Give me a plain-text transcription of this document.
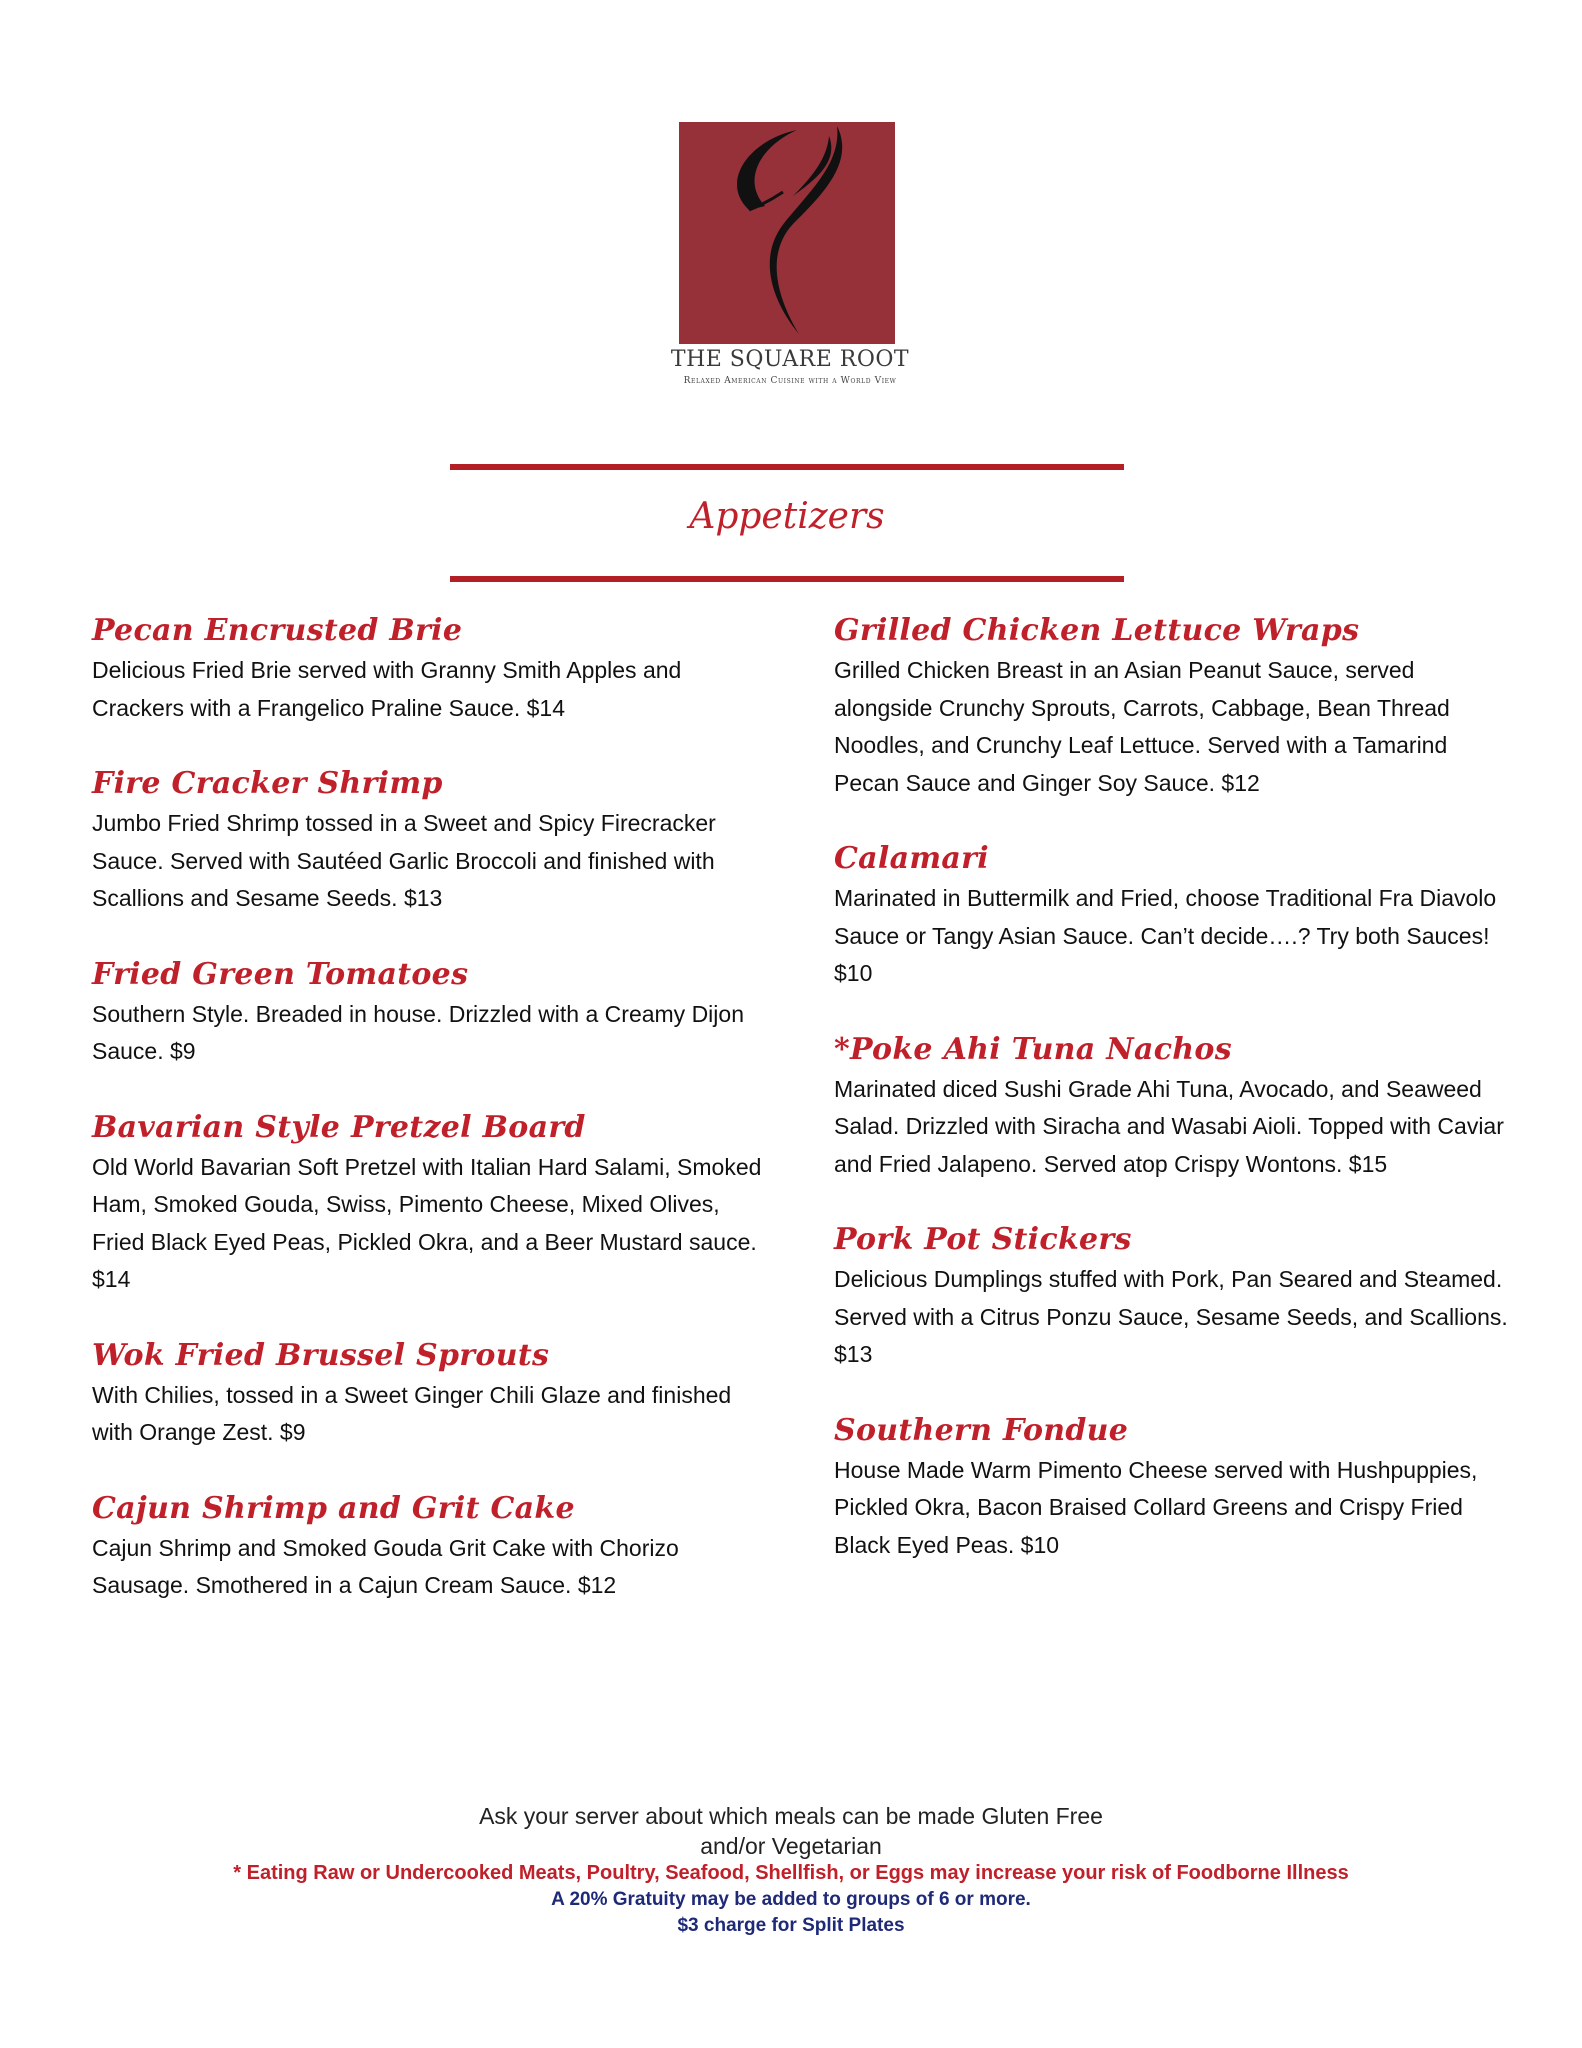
THE SQUARE ROOT
Relaxed American Cuisine with a World View
Appetizers
Pecan Encrusted Brie
Delicious Fried Brie served with Granny Smith Apples and Crackers with a Frangelico Praline Sauce. $14
Fire Cracker Shrimp
Jumbo Fried Shrimp tossed in a Sweet and Spicy Firecracker Sauce. Served with Sautéed Garlic Broccoli and finished with Scallions and Sesame Seeds. $13
Fried Green Tomatoes
Southern Style. Breaded in house. Drizzled with a Creamy Dijon Sauce. $9
Bavarian Style Pretzel Board
Old World Bavarian Soft Pretzel with Italian Hard Salami, Smoked Ham, Smoked Gouda, Swiss, Pimento Cheese, Mixed Olives, Fried Black Eyed Peas, Pickled Okra, and a Beer Mustard sauce. $14
Wok Fried Brussel Sprouts
With Chilies, tossed in a Sweet Ginger Chili Glaze and finished with Orange Zest. $9
Cajun Shrimp and Grit Cake
Cajun Shrimp and Smoked Gouda Grit Cake with Chorizo Sausage. Smothered in a Cajun Cream Sauce. $12
Grilled Chicken Lettuce Wraps
Grilled Chicken Breast in an Asian Peanut Sauce, served alongside Crunchy Sprouts, Carrots, Cabbage, Bean Thread Noodles, and Crunchy Leaf Lettuce. Served with a Tamarind Pecan Sauce and Ginger Soy Sauce. $12
Calamari
Marinated in Buttermilk and Fried, choose Traditional Fra Diavolo Sauce or Tangy Asian Sauce. Can’t decide….? Try both Sauces! $10
*Poke Ahi Tuna Nachos
Marinated diced Sushi Grade Ahi Tuna, Avocado, and Seaweed Salad. Drizzled with Siracha and Wasabi Aioli. Topped with Caviar and Fried Jalapeno. Served atop Crispy Wontons. $15
Pork Pot Stickers
Delicious Dumplings stuffed with Pork, Pan Seared and Steamed. Served with a Citrus Ponzu Sauce, Sesame Seeds, and Scallions. $13
Southern Fondue
House Made Warm Pimento Cheese served with Hushpuppies, Pickled Okra, Bacon Braised Collard Greens and Crispy Fried Black Eyed Peas. $10
Ask your server about which meals can be made Gluten Free
and/or Vegetarian
* Eating Raw or Undercooked Meats, Poultry, Seafood, Shellfish, or Eggs may increase your risk of Foodborne Illness
A 20% Gratuity may be added to groups of 6 or more.
$3 charge for Split Plates
